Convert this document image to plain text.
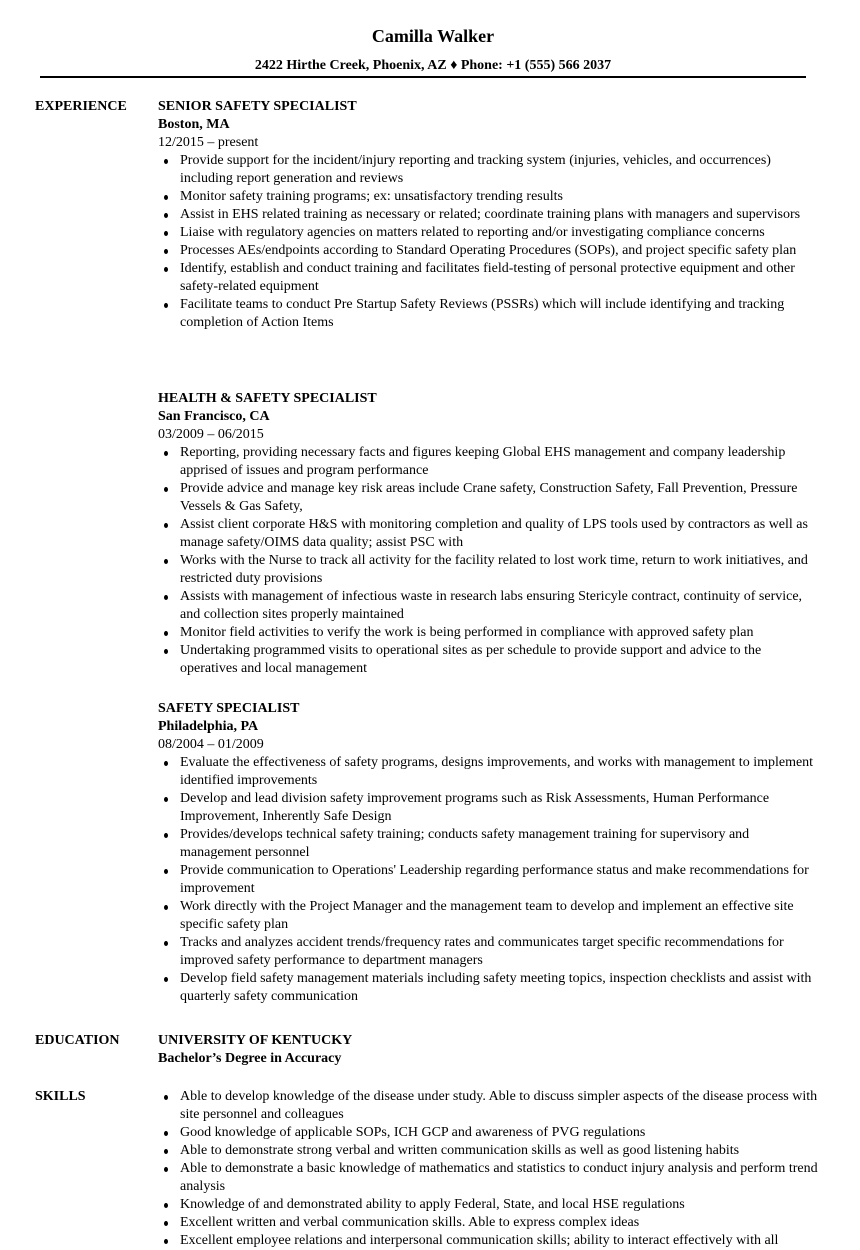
Camilla Walker
2422 Hirthe Creek, Phoenix, AZ ♦ Phone: +1 (555) 566 2037
EXPERIENCE SENIOR SAFETY SPECIALIST
Boston, MA
12/2015 – present
Provide support for the incident/injury reporting and tracking system (injuries, vehicles, and occurrences) including report generation and reviews
Monitor safety training programs; ex: unsatisfactory trending results
Assist in EHS related training as necessary or related; coordinate training plans with managers and supervisors
Liaise with regulatory agencies on matters related to reporting and/or investigating compliance concerns
Processes AEs/endpoints according to Standard Operating Procedures (SOPs), and project specific safety plan
Identify, establish and conduct training and facilitates field-testing of personal protective equipment and other safety-related equipment
Facilitate teams to conduct Pre Startup Safety Reviews (PSSRs) which will include identifying and tracking completion of Action Items
HEALTH & SAFETY SPECIALIST
San Francisco, CA
03/2009 – 06/2015
Reporting, providing necessary facts and figures keeping Global EHS management and company leadership apprised of issues and program performance
Provide advice and manage key risk areas include Crane safety, Construction Safety, Fall Prevention, Pressure Vessels & Gas Safety,
Assist client corporate H&S with monitoring completion and quality of LPS tools used by contractors as well as manage safety/OIMS data quality; assist PSC with
Works with the Nurse to track all activity for the facility related to lost work time, return to work initiatives, and restricted duty provisions
Assists with management of infectious waste in research labs ensuring Stericyle contract, continuity of service, and collection sites properly maintained
Monitor field activities to verify the work is being performed in compliance with approved safety plan
Undertaking programmed visits to operational sites as per schedule to provide support and advice to the operatives and local management
SAFETY SPECIALIST
Philadelphia, PA
08/2004 – 01/2009
Evaluate the effectiveness of safety programs, designs improvements, and works with management to implement identified improvements
Develop and lead division safety improvement programs such as Risk Assessments, Human Performance Improvement, Inherently Safe Design
Provides/develops technical safety training; conducts safety management training for supervisory and management personnel
Provide communication to Operations' Leadership regarding performance status and make recommendations for improvement
Work directly with the Project Manager and the management team to develop and implement an effective site specific safety plan
Tracks and analyzes accident trends/frequency rates and communicates target specific recommendations for improved safety performance to department managers
Develop field safety management materials including safety meeting topics, inspection checklists and assist with quarterly safety communication
EDUCATION	UNIVERSITY OF KENTUCKY
Bachelor’s Degree in Accuracy
SKILLS	Able to develop knowledge of the disease under study. Able to discuss simpler aspects of the disease process with site personnel and colleagues
Good knowledge of applicable SOPs, ICH GCP and awareness of PVG regulations
Able to demonstrate strong verbal and written communication skills as well as good listening habits
Able to demonstrate a basic knowledge of mathematics and statistics to conduct injury analysis and perform trend analysis
Knowledge of and demonstrated ability to apply Federal, State, and local HSE regulations
Excellent written and verbal communication skills. Able to express complex ideas
Excellent employee relations and interpersonal communication skills; ability to interact effectively with all
